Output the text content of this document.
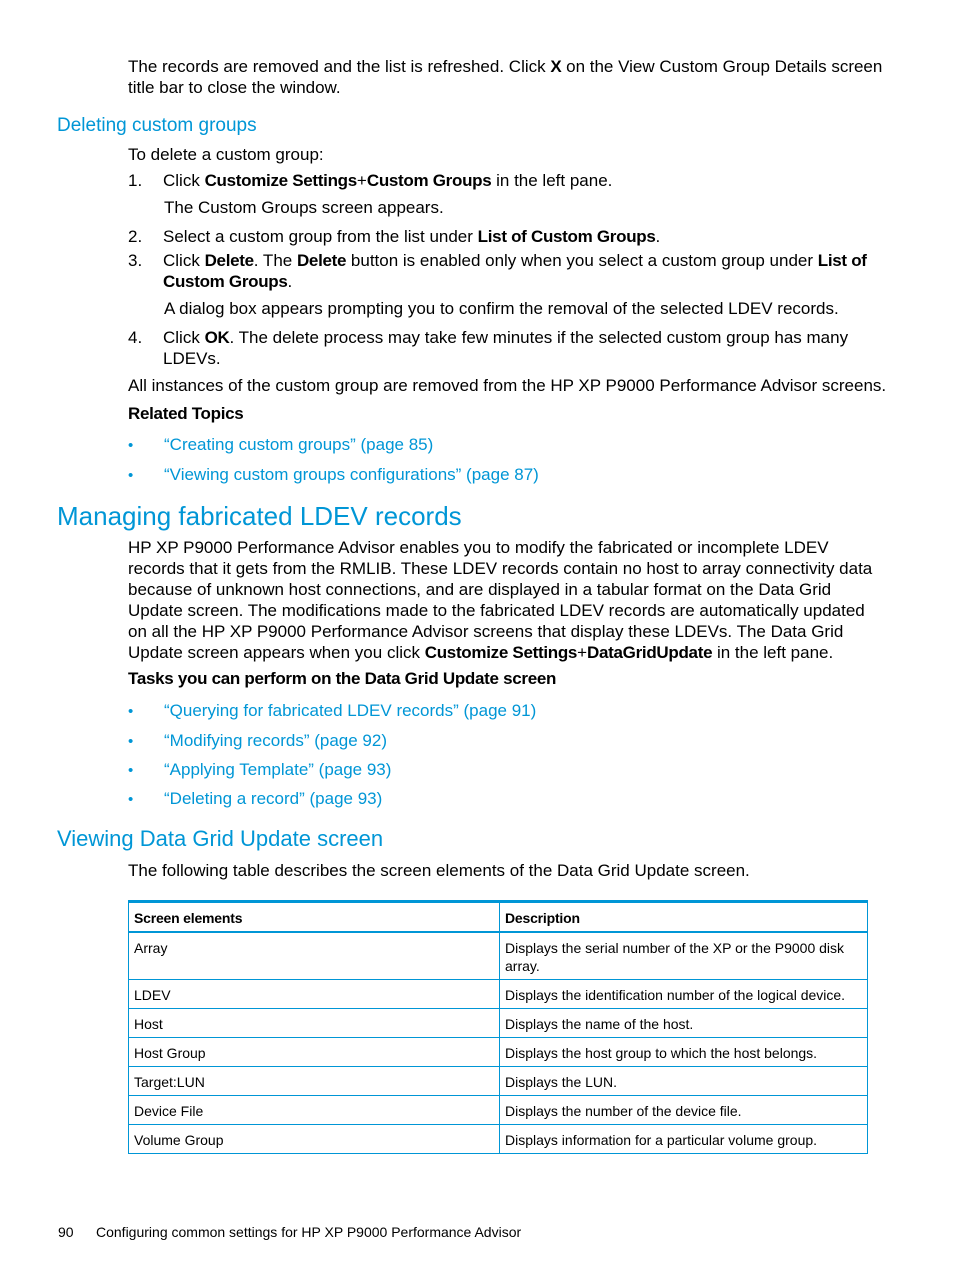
The records are removed and the list is refreshed. Click X on the View Custom Group Details screen
title bar to close the window.
Deleting custom groups
To delete a custom group:
1. Click Customize Settings+Custom Groups in the left pane.
The Custom Groups screen appears.
2. Select a custom group from the list under List of Custom Groups.
3. Click Delete. The Delete button is enabled only when you select a custom group under List of
Custom Groups.
A dialog box appears prompting you to confirm the removal of the selected LDEV records.
4. Click OK. The delete process may take few minutes if the selected custom group has many
LDEVs.
All instances of the custom group are removed from the HP XP P9000 Performance Advisor screens.
Related Topics
• “Creating custom groups” (page 85)
• “Viewing custom groups configurations” (page 87)
Managing fabricated LDEV records
HP XP P9000 Performance Advisor enables you to modify the fabricated or incomplete LDEV
records that it gets from the RMLIB. These LDEV records contain no host to array connectivity data
because of unknown host connections, and are displayed in a tabular format on the Data Grid
Update screen. The modifications made to the fabricated LDEV records are automatically updated
on all the HP XP P9000 Performance Advisor screens that display these LDEVs. The Data Grid
Update screen appears when you click Customize Settings+DataGridUpdate in the left pane.
Tasks you can perform on the Data Grid Update screen
• “Querying for fabricated LDEV records” (page 91)
• “Modifying records” (page 92)
• “Applying Template” (page 93)
• “Deleting a record” (page 93)
Viewing Data Grid Update screen
The following table describes the screen elements of the Data Grid Update screen.
Screen elements	Description
Array	Displays the serial number of the XP or the P9000 disk array.

LDEV	Displays the identification number of the logical device.
Host	Displays the name of the host.
Host Group	Displays the host group to which the host belongs.
Target:LUN	Displays the LUN.
Device File	Displays the number of the device file.
Volume Group	Displays information for a particular volume group.
90 Configuring common settings for HP XP P9000 Performance Advisor
